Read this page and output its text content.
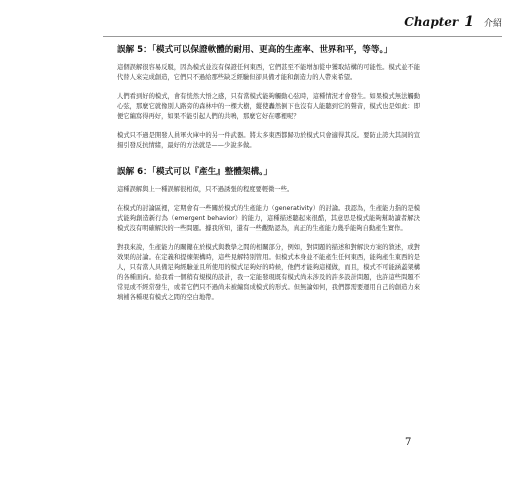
Chapter 1 介紹

誤解 5：「模式可以保證軟體的耐用、更高的生產率、世界和平，等等。」

這個誤解很容易反駁，因為模式並沒有保證任何東西，它們甚至不能增加從中獲取結構的可能性。模式並不能代替人來完成創造，它們只不過給那些缺乏經驗但卻具備才能和創造力的人帶來希望。

人們看到好的模式，會有恍然大悟之感，只有當模式能夠觸動心弦時，這種情況才會發生。如果模式無法觸動心弦，那麼它就像別人路旁的森林中的一棵大樹，縱使轟然倒下也沒有人能聽到它的聲音，模式也是如此：即便它編寫得再好，如果不能引起人們的共鳴，那麼它好在哪裡呢？

模式只不過是開發人員軍火庫中的另一件武器。將太多東西都歸功於模式只會適得其反。要防止誇大其詞的宣揚引發反抗情緒，最好的方法就是——少說多做。

誤解 6：「模式可以『產生』整體架構。」

這種誤解與上一種誤解很相似，只不過誘張的程度要輕微一些。

在模式的討論區裡，定期會有一些關於模式的生產能力（generativity）的討論。我認為，生產能力指的是模式能夠創造新行為（emergent behavior）的能力，這種描述聽起來很酷，其意思是模式能夠幫助讀者解決模式沒有明確解決的一些問題。據我所知，還有一些觀點認為，真正的生產能力幾乎能夠自動產生實作。

對我來說，生產能力的關鍵在於模式與教學之間的相關部分，例如，對問題的描述和對解決方案的敘述，或對效果的討論。在定義和提煉架構時，這些見解特別管用。但模式本身並不能產生任何東西，能夠產生東西的是人，只有當人具備足夠經驗並且所使用的模式足夠好的時候，他們才能夠這樣做，而且，模式不可能涵蓋架構的各種面向。給我看一個稍有規模的設計，我一定能發現既有模式尚未涉及的許多設計問題，也許這些問題不常見或不經常發生，或者它們只不過尚未被編寫成模式的形式。但無論如何，我們都需要運用自己的創造力來填補各種現有模式之間的空白地帶。

7
